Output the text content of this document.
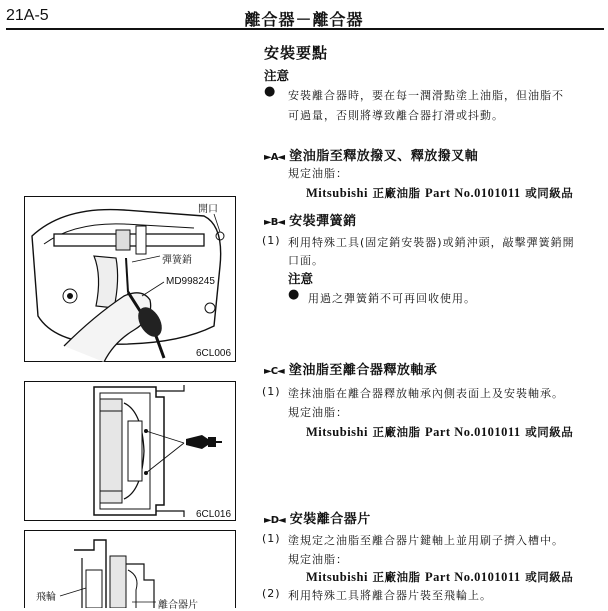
21A-5	離合器－離合器
安裝要點
注意
● 安裝離合器時，要在每一潤滑點塗上油脂，但油脂不
可過量，否則將導致離合器打滑或抖動。
►A◄ 塗油脂至釋放撥叉、釋放撥叉軸
規定油脂：
Mitsubishi 正廠油脂 Part No.0101011 或同級品
►B◄ 安裝彈簧銷
(1) 利用特殊工具(固定銷安裝器)或銷沖頭，敲擊彈簧銷開
口面。
注意
● 用過之彈簧銷不可再回收使用。
►C◄ 塗油脂至離合器釋放軸承
(1) 塗抹油脂在離合器釋放軸承內側表面上及安裝軸承。
規定油脂：
Mitsubishi 正廠油脂 Part No.0101011 或同級品
►D◄ 安裝離合器片
(1) 塗規定之油脂至離合器片鍵軸上並用刷子擠入槽中。
規定油脂：
Mitsubishi 正廠油脂 Part No.0101011 或同級品
(2) 利用特殊工具將離合器片裝至飛輪上。
開口
彈簧銷
MD998245
6CL006
6CL016
飛輪
離合器片
